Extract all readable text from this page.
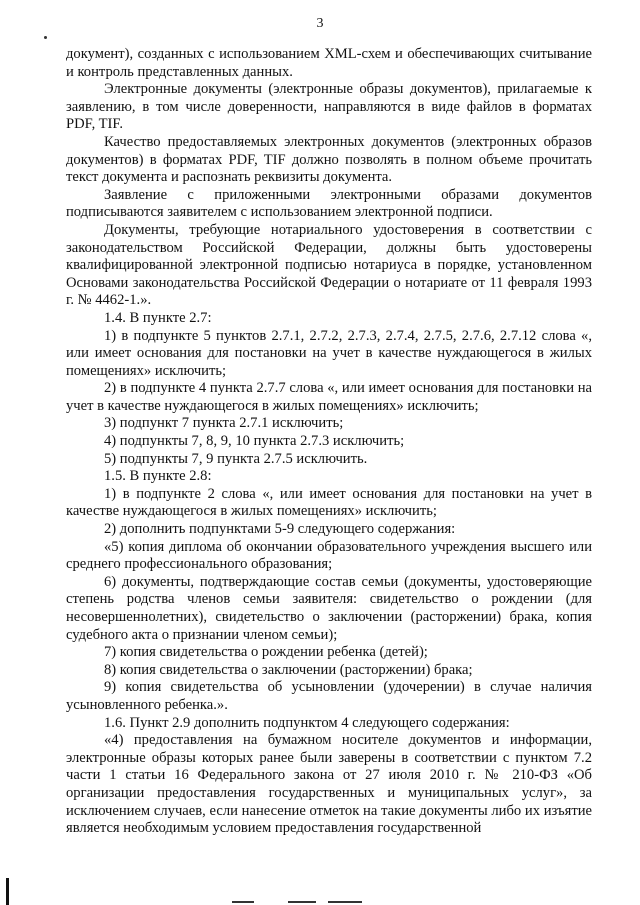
3

документ), созданных с использованием XML-схем и обеспечивающих считывание и контроль представленных данных.

Электронные документы (электронные образы документов), прилагаемые к заявлению, в том числе доверенности, направляются в виде файлов в форматах PDF, TIF.

Качество предоставляемых электронных документов (электронных образов документов) в форматах PDF, TIF должно позволять в полном объеме прочитать текст документа и распознать реквизиты документа.

Заявление с приложенными электронными образами документов подписываются заявителем с использованием электронной подписи.

Документы, требующие нотариального удостоверения в соответствии с законодательством Российской Федерации, должны быть удостоверены квалифицированной электронной подписью нотариуса в порядке, установленном Основами законодательства Российской Федерации о нотариате от 11 февраля 1993 г. № 4462-1.».

1.4. В пункте 2.7:

1) в подпункте 5 пунктов 2.7.1, 2.7.2, 2.7.3, 2.7.4, 2.7.5, 2.7.6, 2.7.12 слова «, или имеет основания для постановки на учет в качестве нуждающегося в жилых помещениях» исключить;

2) в подпункте 4 пункта 2.7.7 слова «, или имеет основания для постановки на учет в качестве нуждающегося в жилых помещениях» исключить;

3) подпункт 7 пункта 2.7.1 исключить;

4) подпункты 7, 8, 9, 10 пункта 2.7.3 исключить;

5) подпункты 7, 9 пункта 2.7.5 исключить.

1.5. В пункте 2.8:

1) в подпункте 2 слова «, или имеет основания для постановки на учет в качестве нуждающегося в жилых помещениях» исключить;

2) дополнить подпунктами 5-9 следующего содержания:

«5) копия диплома об окончании образовательного учреждения высшего или среднего профессионального образования;

6) документы, подтверждающие состав семьи (документы, удостоверяющие степень родства членов семьи заявителя: свидетельство о рождении (для несовершеннолетних), свидетельство о заключении (расторжении) брака, копия судебного акта о признании членом семьи);

7) копия свидетельства о рождении ребенка (детей);

8) копия свидетельства о заключении (расторжении) брака;

9) копия свидетельства об усыновлении (удочерении) в случае наличия усыновленного ребенка.».

1.6. Пункт 2.9 дополнить подпунктом 4 следующего содержания:

«4) предоставления на бумажном носителе документов и информации, электронные образы которых ранее были заверены в соответствии с пунктом 7.2 части 1 статьи 16 Федерального закона от 27 июля 2010 г. № 210-ФЗ «Об организации предоставления государственных и муниципальных услуг», за исключением случаев, если нанесение отметок на такие документы либо их изъятие является необходимым условием предоставления государственной
